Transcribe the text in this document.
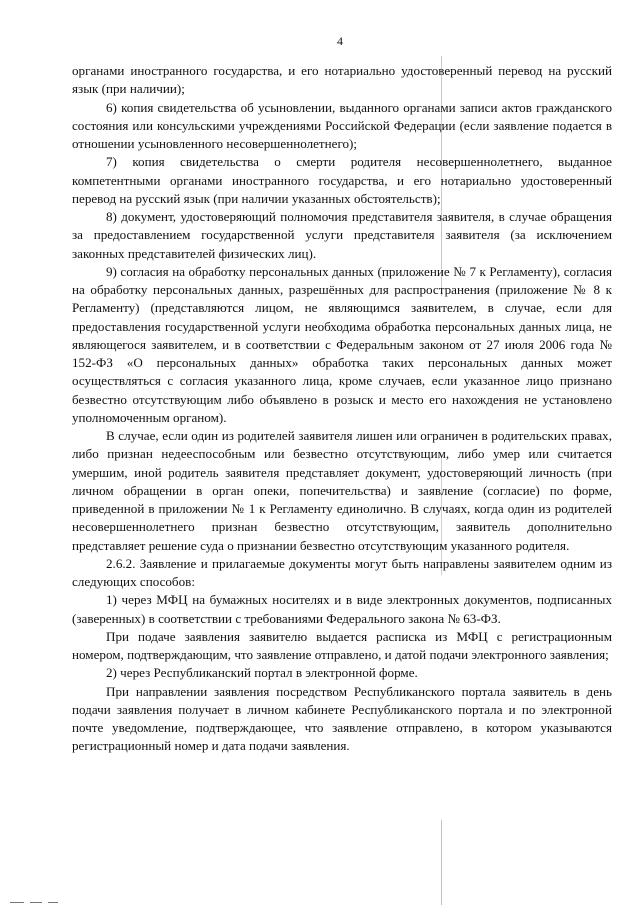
4

органами иностранного государства, и его нотариально удостоверенный перевод на русский язык (при наличии);

6) копия свидетельства об усыновлении, выданного органами записи актов гражданского состояния или консульскими учреждениями Российской Федерации (если заявление подается в отношении усыновленного несовершеннолетнего);

7) копия свидетельства о смерти родителя несовершеннолетнего, выданное компетентными органами иностранного государства, и его нотариально удостоверенный перевод на русский язык (при наличии указанных обстоятельств);

8) документ, удостоверяющий полномочия представителя заявителя, в случае обращения за предоставлением государственной услуги представителя заявителя (за исключением законных представителей физических лиц).

9) согласия на обработку персональных данных (приложение № 7 к Регламенту), согласия на обработку персональных данных, разрешённых для распространения (приложение № 8 к Регламенту) (представляются лицом, не являющимся заявителем, в случае, если для предоставления государственной услуги необходима обработка персональных данных лица, не являющегося заявителем, и в соответствии с Федеральным законом от 27 июля 2006 года № 152-ФЗ «О персональных данных» обработка таких персональных данных может осуществляться с согласия указанного лица, кроме случаев, если указанное лицо признано безвестно отсутствующим либо объявлено в розыск и место его нахождения не установлено уполномоченным органом).

В случае, если один из родителей заявителя лишен или ограничен в родительских правах, либо признан недееспособным или безвестно отсутствующим, либо умер или считается умершим, иной родитель заявителя представляет документ, удостоверяющий личность (при личном обращении в орган опеки, попечительства) и заявление (согласие) по форме, приведенной в приложении № 1 к Регламенту единолично. В случаях, когда один из родителей несовершеннолетнего признан безвестно отсутствующим, заявитель дополнительно представляет решение суда о признании безвестно отсутствующим указанного родителя.

2.6.2. Заявление и прилагаемые документы могут быть направлены заявителем одним из следующих способов:

1) через МФЦ на бумажных носителях и в виде электронных документов, подписанных (заверенных) в соответствии с требованиями Федерального закона № 63-ФЗ.

При подаче заявления заявителю выдается расписка из МФЦ с регистрационным номером, подтверждающим, что заявление отправлено, и датой подачи электронного заявления;

2) через Республиканский портал в электронной форме.

При направлении заявления посредством Республиканского портала заявитель в день подачи заявления получает в личном кабинете Республиканского портала и по электронной почте уведомление, подтверждающее, что заявление отправлено, в котором указываются регистрационный номер и дата подачи заявления.
